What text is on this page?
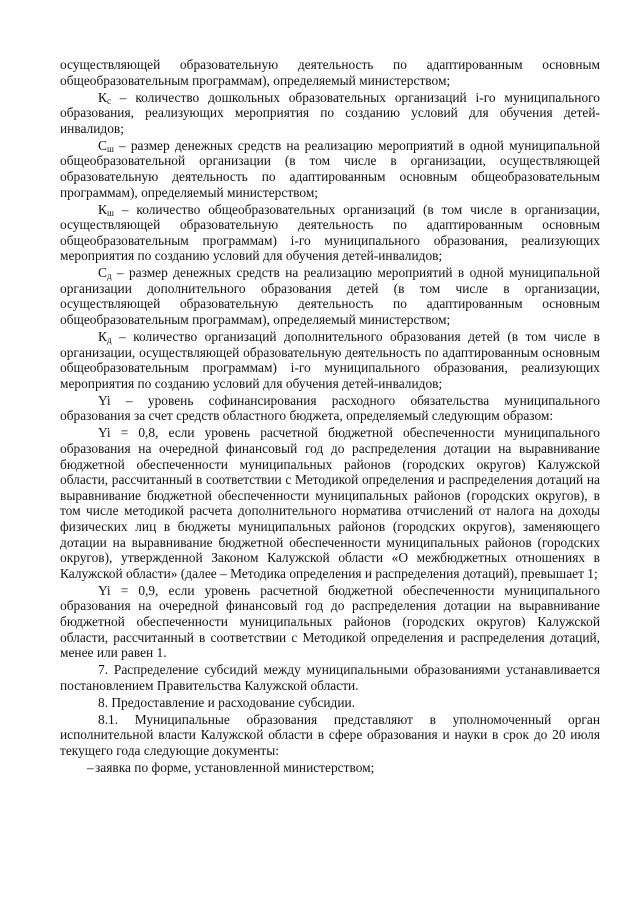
осуществляющей образовательную деятельность по адаптированным основным общеобразовательным программам), определяемый министерством;

$К_с$ – количество дошкольных образовательных организаций i-го муниципального образования, реализующих мероприятия по созданию условий для обучения детей-инвалидов;

$С_ш$ – размер денежных средств на реализацию мероприятий в одной муниципальной общеобразовательной организации (в том числе в организации, осуществляющей образовательную деятельность по адаптированным основным общеобразовательным программам), определяемый министерством;

$К_ш$ – количество общеобразовательных организаций (в том числе в организации, осуществляющей образовательную деятельность по адаптированным основным общеобразовательным программам) i-го муниципального образования, реализующих мероприятия по созданию условий для обучения детей-инвалидов;

$С_д$ – размер денежных средств на реализацию мероприятий в одной муниципальной организации дополнительного образования детей (в том числе в организации, осуществляющей образовательную деятельность по адаптированным основным общеобразовательным программам), определяемый министерством;

$К_д$ – количество организаций дополнительного образования детей (в том числе в организации, осуществляющей образовательную деятельность по адаптированным основным общеобразовательным программам) i-го муниципального образования, реализующих мероприятия по созданию условий для обучения детей-инвалидов;

Yi – уровень софинансирования расходного обязательства муниципального образования за счет средств областного бюджета, определяемый следующим образом:

Yi = 0,8, если уровень расчетной бюджетной обеспеченности муниципального образования на очередной финансовый год до распределения дотации на выравнивание бюджетной обеспеченности муниципальных районов (городских округов) Калужской области, рассчитанный в соответствии с Методикой определения и распределения дотаций на выравнивание бюджетной обеспеченности муниципальных районов (городских округов), в том числе методикой расчета дополнительного норматива отчислений от налога на доходы физических лиц в бюджеты муниципальных районов (городских округов), заменяющего дотации на выравнивание бюджетной обеспеченности муниципальных районов (городских округов), утвержденной Законом Калужской области «О межбюджетных отношениях в Калужской области» (далее – Методика определения и распределения дотаций), превышает 1;

Yi = 0,9, если уровень расчетной бюджетной обеспеченности муниципального образования на очередной финансовый год до распределения дотации на выравнивание бюджетной обеспеченности муниципальных районов (городских округов) Калужской области, рассчитанный в соответствии с Методикой определения и распределения дотаций, менее или равен 1.

7. Распределение субсидий между муниципальными образованиями устанавливается постановлением Правительства Калужской области.

8. Предоставление и расходование субсидии.

8.1. Муниципальные образования представляют в уполномоченный орган исполнительной власти Калужской области в сфере образования и науки в срок до 20 июля текущего года следующие документы:

– заявка по форме, установленной министерством;
